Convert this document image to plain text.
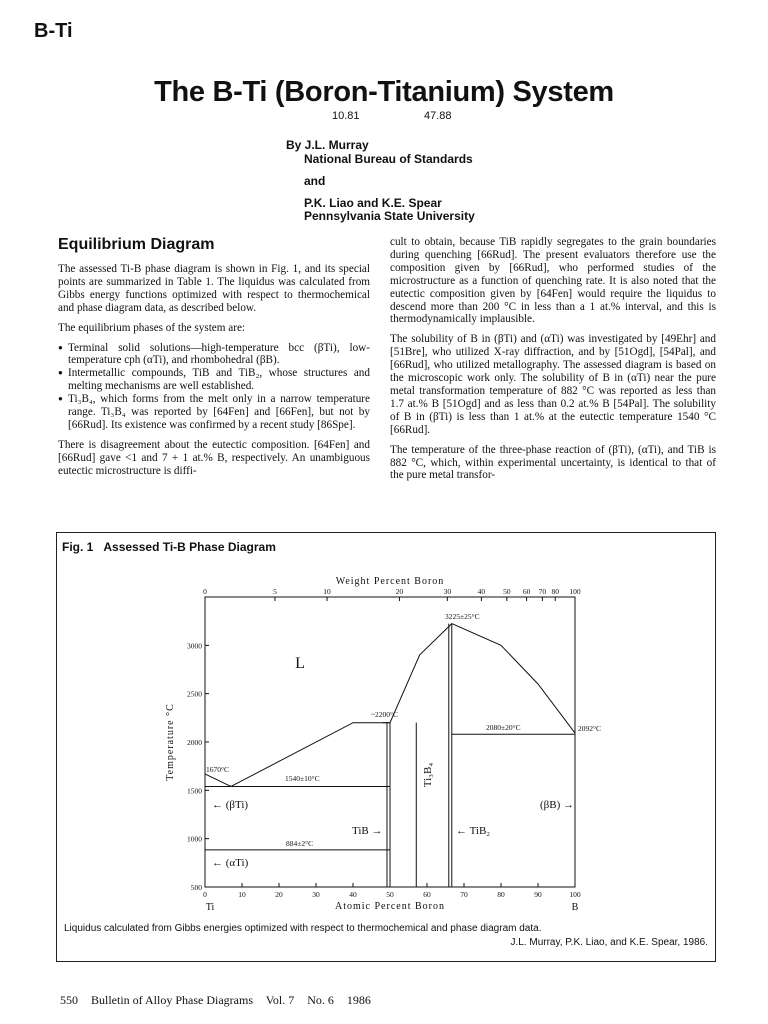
B-Ti
The B-Ti (Boron-Titanium) System
10.81	47.88
By J.L. Murray
National Bureau of Standards
and
P.K. Liao and K.E. Spear
Pennsylvania State University
Equilibrium Diagram

The assessed Ti-B phase diagram is shown in Fig. 1, and its special points are summarized in Table 1. The liquidus was calculated from Gibbs energy functions optimized with respect to thermochemical and phase diagram data, as described below.

The equilibrium phases of the system are:

● Terminal solid solutions—high-temperature bcc (βTi), low-temperature cph (αTi), and rhombohedral (βB).
● Intermetallic compounds, TiB and TiB₂, whose structures and melting mechanisms are well established.
● Ti₃B₄, which forms from the melt only in a narrow temperature range. Ti₃B₄ was reported by [64Fen] and [66Fen], but not by [66Rud]. Its existence was confirmed by a recent study [86Spe].

There is disagreement about the eutectic composition. [64Fen] and [66Rud] gave <1 and 7 + 1 at.% B, respectively. An unambiguous eutectic microstructure is diffi-

cult to obtain, because TiB rapidly segregates to the grain boundaries during quenching [66Rud]. The present evaluators therefore use the composition given by [66Rud], who performed studies of the microstructure as a function of quenching rate. It is also noted that the eutectic composition given by [64Fen] would require the liquidus to descend more than 200 °C in less than a 1 at.% interval, and this is thermodynamically implausible.

The solubility of B in (βTi) and (αTi) was investigated by [49Ehr] and [51Bre], who utilized X-ray diffraction, and by [51Ogd], [54Pal], and [66Rud], who utilized metallography. The assessed diagram is based on the microscopic work only. The solubility of B in (αTi) near the pure metal transformation temperature of 882 °C was reported as less than 1.7 at.% B [51Ogd] and as less than 0.2 at.% B [54Pal]. The solubility of B in (βTi) is less than 1 at.% at the eutectic temperature 1540 °C [66Rud].

The temperature of the three-phase reaction of (βTi), (αTi), and TiB is 882 °C, which, within experimental uncertainty, is identical to that of the pure metal transfor-

Fig. 1 Assessed Ti-B Phase Diagram
0	5	10	20	30	40 50 60 70 80 100
0	10	20	30	40	50	60	70	80	90	100
500
1000
1500
2000
2500
3000
Weight Percent Boron
Atomic Percent Boron
Temperature °C
Ti	B
L
← (βTi)
← (αTi)
(βB) →
TiB →	← TiB₂
Ti₃B₄
3225±25°C
~2200°C
2080±20°C	2092°C
1670°C
1540±10°C
884±2°C
Liquidus calculated from Gibbs energies optimized with respect to thermochemical and phase diagram data.
J.L. Murray, P.K. Liao, and K.E. Spear, 1986.
550 Bulletin of Alloy Phase Diagrams Vol. 7 No. 6 1986
